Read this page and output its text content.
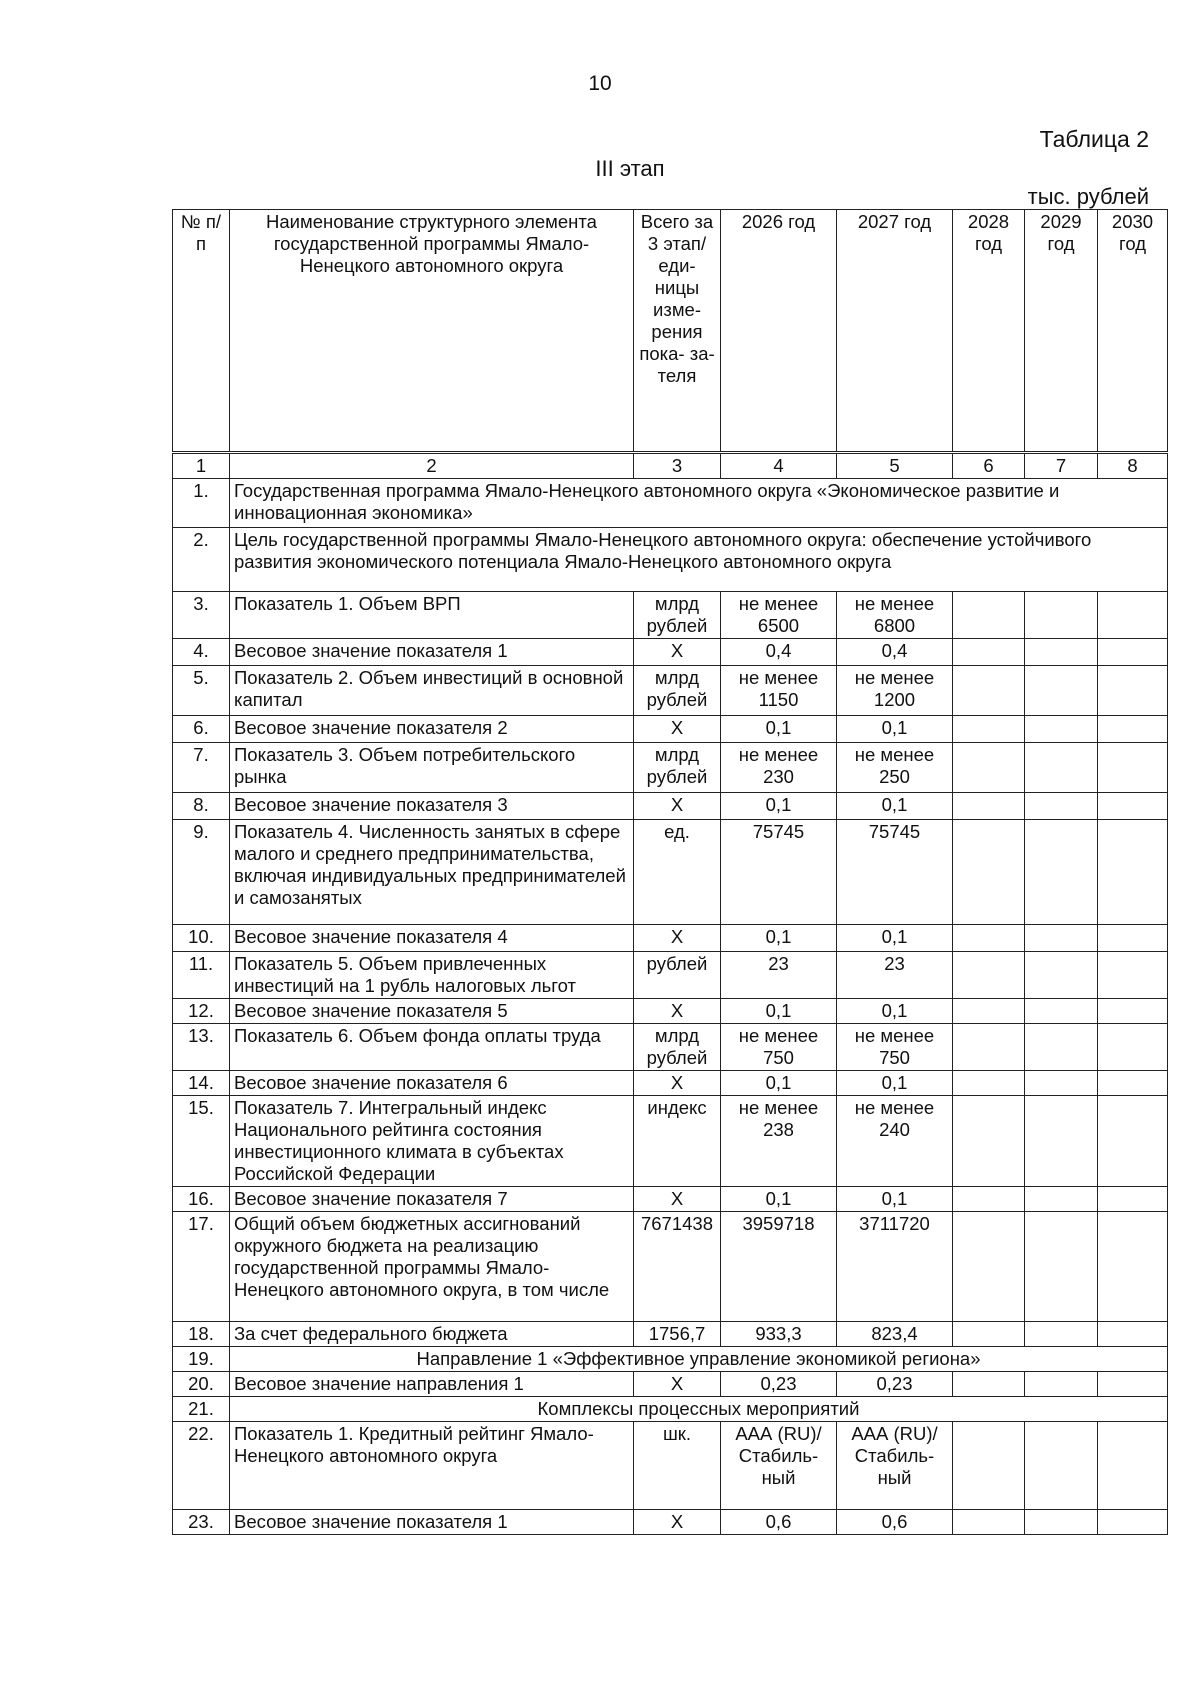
10
Таблица 2
III этап
тыс. рублей
№ п/п	Наименование структурного элемента государственной программы Ямало-Ненецкого автономного округа	Всего за 3 этап/ еди- ницы изме- рения пока- за- теля	2026 год	2027 год	2028 год	2029 год	2030 год
1	2	3	4	5	6	7	8
1.	Государственная программа Ямало-Ненецкого автономного округа «Экономическое развитие и инновационная экономика»						
2.	Цель государственной программы Ямало-Ненецкого автономного округа: обеспечение устойчивого развития экономического потенциала Ямало-Ненецкого автономного округа						
3.	Показатель 1. Объем ВРП	млрд рублей	не менее 6500	не менее 6800			
4.	Весовое значение показателя 1	Х	0,4	0,4			
5.	Показатель 2. Объем инвестиций в основной капитал	млрд рублей	не менее 1150	не менее 1200			
6.	Весовое значение показателя 2	Х	0,1	0,1			
7.	Показатель 3. Объем потребительского рынка	млрд рублей	не менее 230	не менее 250			
8.	Весовое значение показателя 3	Х	0,1	0,1			
9.	Показатель 4. Численность занятых в сфере малого и среднего предпринимательства, включая индивидуальных предпринимателей и самозанятых	ед.	75745	75745			
10.	Весовое значение показателя 4	Х	0,1	0,1			
11.	Показатель 5. Объем привлеченных инвестиций на 1 рубль налоговых льгот	рублей	23	23			
12.	Весовое значение показателя 5	Х	0,1	0,1			
13.	Показатель 6. Объем фонда оплаты труда	млрд рублей	не менее 750	не менее 750			
14.	Весовое значение показателя 6	Х	0,1	0,1			
15.	Показатель 7. Интегральный индекс Национального рейтинга состояния инвестиционного климата в субъектах Российской Федерации	индекс	не менее 238	не менее 240			
16.	Весовое значение показателя 7	Х	0,1	0,1			
17.	Общий объем бюджетных ассигнований окружного бюджета на реализацию государственной программы Ямало-Ненецкого автономного округа, в том числе	7671438	3959718	3711720			
18.	За счет федерального бюджета	1756,7	933,3	823,4			
19.	Направление 1 «Эффективное управление экономикой региона»						
20.	Весовое значение направления 1	Х	0,23	0,23			
21.	Комплексы процессных мероприятий						
22.	Показатель 1. Кредитный рейтинг Ямало-Ненецкого автономного округа	шк.	ААА (RU)/ Стабиль- ный	ААА (RU)/ Стабиль- ный			
23.	Весовое значение показателя 1	Х	0,6	0,6			
